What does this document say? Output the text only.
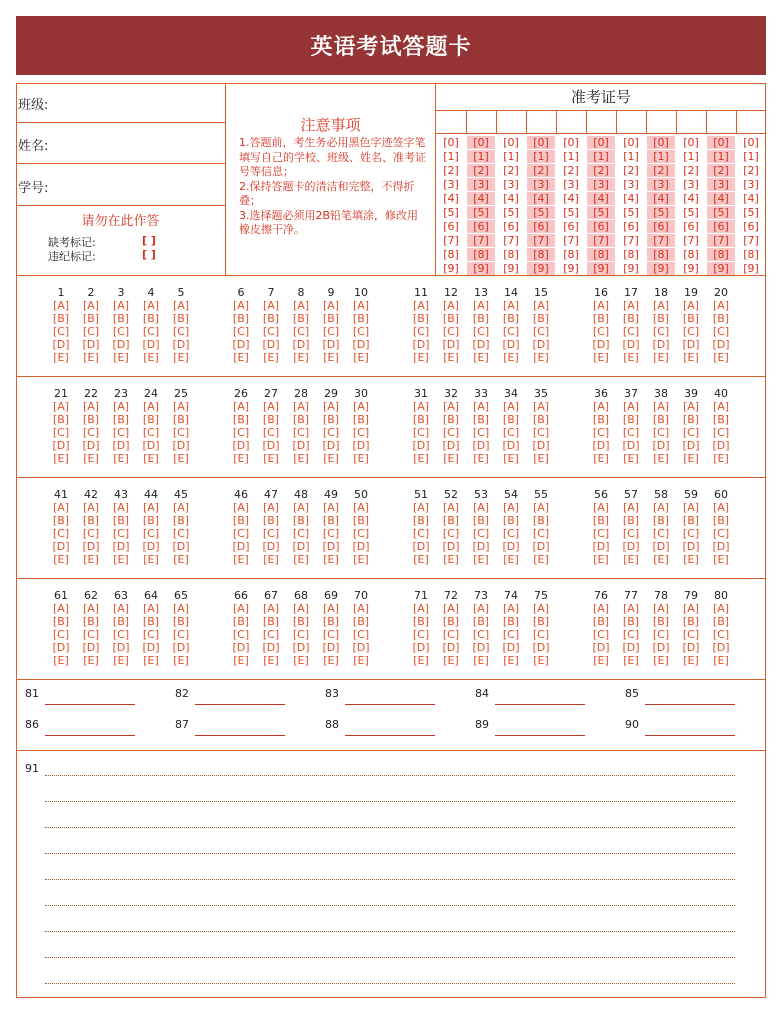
英语考试答题卡
班级:
姓名:
学号:
请勿在此作答
缺考标记:	[ ]
违纪标记:	[ ]
注意事项
1.答题前，考生务必用黑色字迹签字笔填写自己的学校、班级、姓名、准考证号等信息；
2.保持答题卡的清洁和完整，不得折叠；
3.选择题必须用2B铅笔填涂，修改用橡皮擦干净。
准考证号
[0]	[0]	[0]	[0]	[0]	[0]	[0]	[0]	[0]	[0]	[0]
[1]	[1]	[1]	[1]	[1]	[1]	[1]	[1]	[1]	[1]	[1]
[2]	[2]	[2]	[2]	[2]	[2]	[2]	[2]	[2]	[2]	[2]
[3]	[3]	[3]	[3]	[3]	[3]	[3]	[3]	[3]	[3]	[3]
[4]	[4]	[4]	[4]	[4]	[4]	[4]	[4]	[4]	[4]	[4]
[5]	[5]	[5]	[5]	[5]	[5]	[5]	[5]	[5]	[5]	[5]
[6]	[6]	[6]	[6]	[6]	[6]	[6]	[6]	[6]	[6]	[6]
[7]	[7]	[7]	[7]	[7]	[7]	[7]	[7]	[7]	[7]	[7]
[8]	[8]	[8]	[8]	[8]	[8]	[8]	[8]	[8]	[8]	[8]
[9]	[9]	[9]	[9]	[9]	[9]	[9]	[9]	[9]	[9]	[9]
1
[A]
[B]
[C]
[D]
[E]
2
[A]
[B]
[C]
[D]
[E]
3
[A]
[B]
[C]
[D]
[E]
4
[A]
[B]
[C]
[D]
[E]
5
[A]
[B]
[C]
[D]
[E]
6
[A]
[B]
[C]
[D]
[E]
7
[A]
[B]
[C]
[D]
[E]
8
[A]
[B]
[C]
[D]
[E]
9
[A]
[B]
[C]
[D]
[E]
10
[A]
[B]
[C]
[D]
[E]
11
[A]
[B]
[C]
[D]
[E]
12
[A]
[B]
[C]
[D]
[E]
13
[A]
[B]
[C]
[D]
[E]
14
[A]
[B]
[C]
[D]
[E]
15
[A]
[B]
[C]
[D]
[E]
16
[A]
[B]
[C]
[D]
[E]
17
[A]
[B]
[C]
[D]
[E]
18
[A]
[B]
[C]
[D]
[E]
19
[A]
[B]
[C]
[D]
[E]
20
[A]
[B]
[C]
[D]
[E]
21
[A]
[B]
[C]
[D]
[E]
22
[A]
[B]
[C]
[D]
[E]
23
[A]
[B]
[C]
[D]
[E]
24
[A]
[B]
[C]
[D]
[E]
25
[A]
[B]
[C]
[D]
[E]
26
[A]
[B]
[C]
[D]
[E]
27
[A]
[B]
[C]
[D]
[E]
28
[A]
[B]
[C]
[D]
[E]
29
[A]
[B]
[C]
[D]
[E]
30
[A]
[B]
[C]
[D]
[E]
31
[A]
[B]
[C]
[D]
[E]
32
[A]
[B]
[C]
[D]
[E]
33
[A]
[B]
[C]
[D]
[E]
34
[A]
[B]
[C]
[D]
[E]
35
[A]
[B]
[C]
[D]
[E]
36
[A]
[B]
[C]
[D]
[E]
37
[A]
[B]
[C]
[D]
[E]
38
[A]
[B]
[C]
[D]
[E]
39
[A]
[B]
[C]
[D]
[E]
40
[A]
[B]
[C]
[D]
[E]
41
[A]
[B]
[C]
[D]
[E]
42
[A]
[B]
[C]
[D]
[E]
43
[A]
[B]
[C]
[D]
[E]
44
[A]
[B]
[C]
[D]
[E]
45
[A]
[B]
[C]
[D]
[E]
46
[A]
[B]
[C]
[D]
[E]
47
[A]
[B]
[C]
[D]
[E]
48
[A]
[B]
[C]
[D]
[E]
49
[A]
[B]
[C]
[D]
[E]
50
[A]
[B]
[C]
[D]
[E]
51
[A]
[B]
[C]
[D]
[E]
52
[A]
[B]
[C]
[D]
[E]
53
[A]
[B]
[C]
[D]
[E]
54
[A]
[B]
[C]
[D]
[E]
55
[A]
[B]
[C]
[D]
[E]
56
[A]
[B]
[C]
[D]
[E]
57
[A]
[B]
[C]
[D]
[E]
58
[A]
[B]
[C]
[D]
[E]
59
[A]
[B]
[C]
[D]
[E]
60
[A]
[B]
[C]
[D]
[E]
61
[A]
[B]
[C]
[D]
[E]
62
[A]
[B]
[C]
[D]
[E]
63
[A]
[B]
[C]
[D]
[E]
64
[A]
[B]
[C]
[D]
[E]
65
[A]
[B]
[C]
[D]
[E]
66
[A]
[B]
[C]
[D]
[E]
67
[A]
[B]
[C]
[D]
[E]
68
[A]
[B]
[C]
[D]
[E]
69
[A]
[B]
[C]
[D]
[E]
70
[A]
[B]
[C]
[D]
[E]
71
[A]
[B]
[C]
[D]
[E]
72
[A]
[B]
[C]
[D]
[E]
73
[A]
[B]
[C]
[D]
[E]
74
[A]
[B]
[C]
[D]
[E]
75
[A]
[B]
[C]
[D]
[E]
76
[A]
[B]
[C]
[D]
[E]
77
[A]
[B]
[C]
[D]
[E]
78
[A]
[B]
[C]
[D]
[E]
79
[A]
[B]
[C]
[D]
[E]
80
[A]
[B]
[C]
[D]
[E]
81	82	83	84	85
86	87	88	89	90
91
